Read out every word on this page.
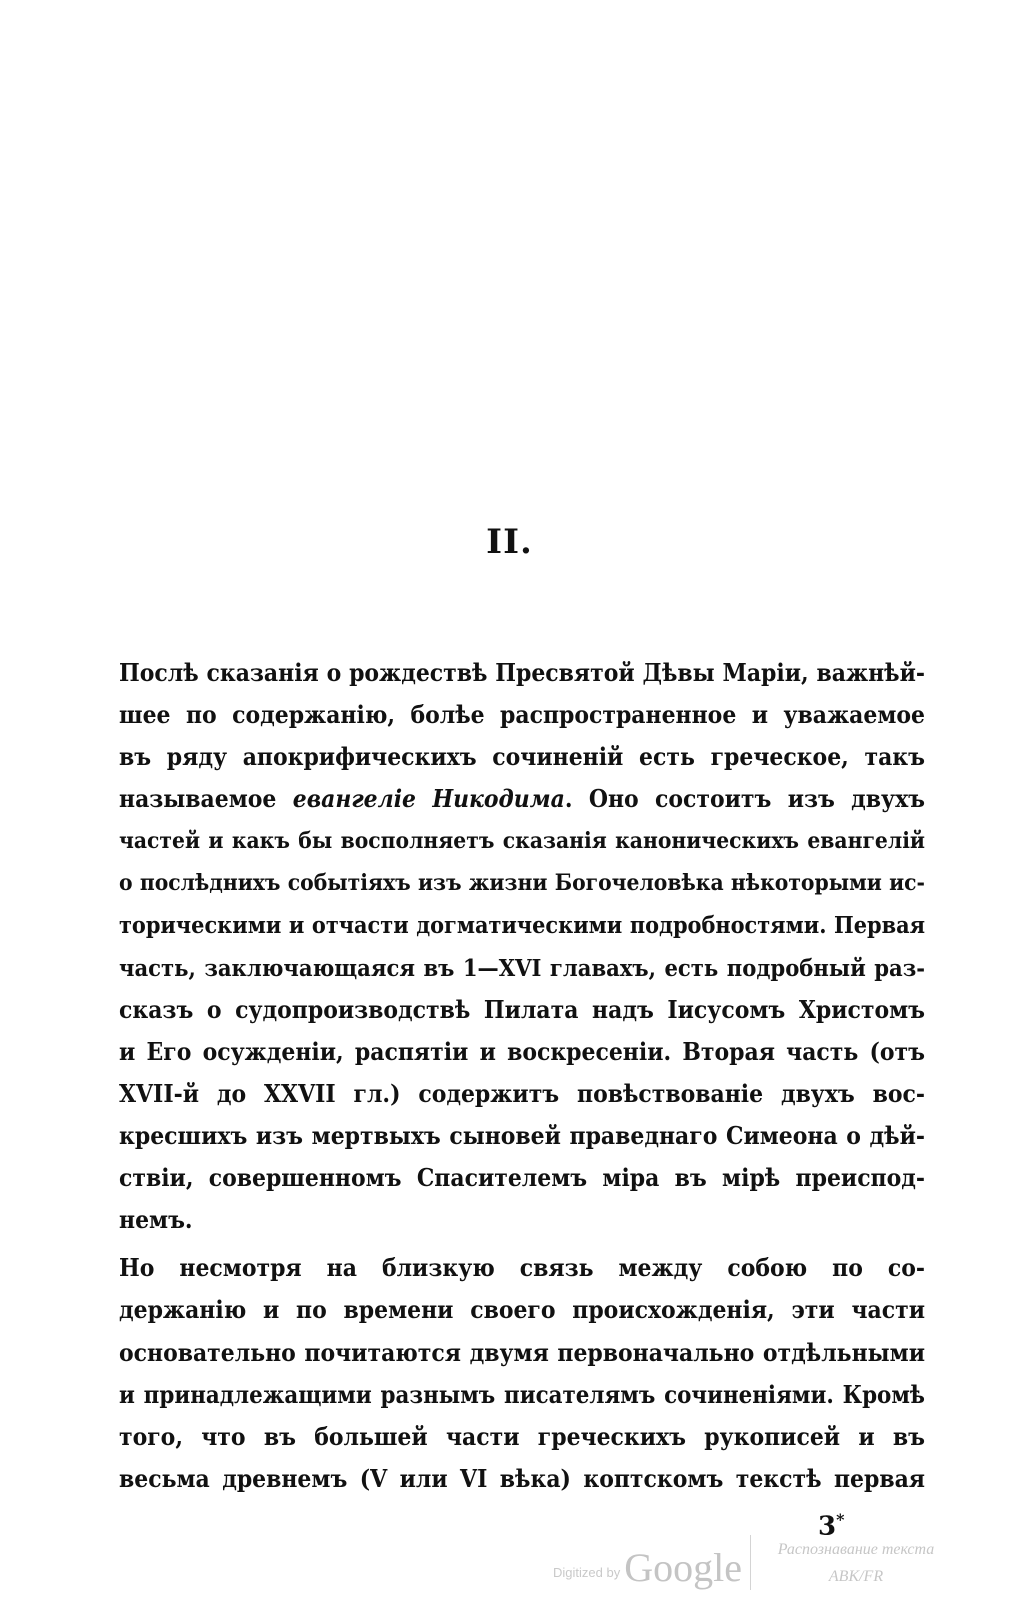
II.
Послѣ сказанія о рождествѣ Пресвятой Дѣвы Маріи, важнѣй-
шее по содержанію, болѣе распространенное и уважаемое
въ ряду апокрифическихъ сочиненій есть греческое, такъ
называемое евангеліе Никодима. Оно состоитъ изъ двухъ
частей и какъ бы восполняетъ сказанія каноническихъ евангелій
о послѣднихъ событіяхъ изъ жизни Богочеловѣка нѣкоторыми ис-
торическими и отчасти догматическими подробностями. Первая
часть, заключающаяся въ 1—XVI главахъ, есть подробный раз-
сказъ о судопроизводствѣ Пилата надъ Іисусомъ Христомъ
и Его осужденіи, распятіи и воскресеніи. Вторая часть (отъ
XVII-й до XXVII гл.) содержитъ повѣствованіе двухъ вос-
кресшихъ изъ мертвыхъ сыновей праведнаго Симеона о дѣй-
ствіи, совершенномъ Спасителемъ міра въ мірѣ преиспод-
немъ.
Но несмотря на близкую связь между собою по со-
держанію и по времени своего происхожденія, эти части
основательно почитаются двумя первоначально отдѣльными
и принадлежащими разнымъ писателямъ сочиненіями. Кромѣ
того, что въ большей части греческихъ рукописей и въ
весьма древнемъ (V или VI вѣка) коптскомъ текстѣ первая
3*
Digitized by Google	Распознавание текста
ABK/FR
